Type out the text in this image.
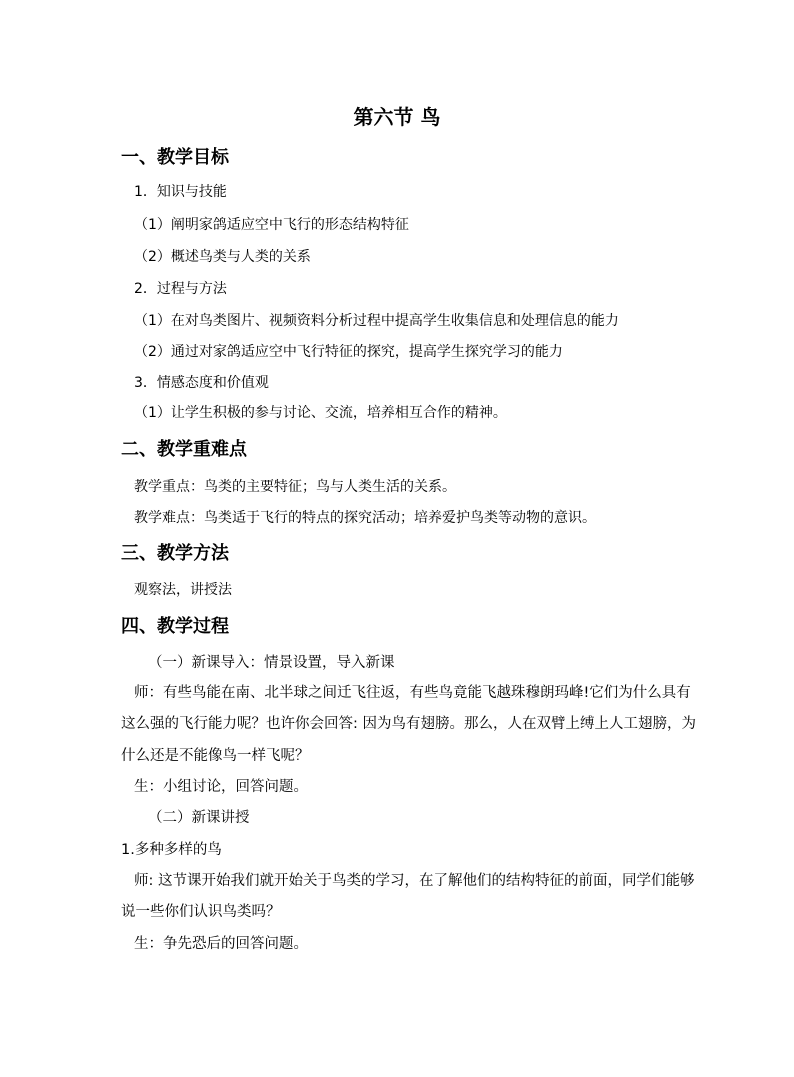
第六节 鸟
一、教学目标
1．知识与技能
（1）阐明家鸽适应空中飞行的形态结构特征
（2）概述鸟类与人类的关系
2．过程与方法
（1）在对鸟类图片、视频资料分析过程中提高学生收集信息和处理信息的能力
（2）通过对家鸽适应空中飞行特征的探究，提高学生探究学习的能力
3．情感态度和价值观
（1）让学生积极的参与讨论、交流，培养相互合作的精神。
二、教学重难点
教学重点：鸟类的主要特征；鸟与人类生活的关系。
教学难点：鸟类适于飞行的特点的探究活动；培养爱护鸟类等动物的意识。
三、教学方法
观察法，讲授法
四、教学过程
（一）新课导入：情景设置，导入新课
师：有些鸟能在南、北半球之间迁飞往返，有些鸟竟能飞越珠穆朗玛峰!它们为什么具有
这么强的飞行能力呢？也许你会回答: 因为鸟有翅膀。那么，人在双臂上缚上人工翅膀，为
什么还是不能像鸟一样飞呢？
生：小组讨论，回答问题。
（二）新课讲授
1.多种多样的鸟
师: 这节课开始我们就开始关于鸟类的学习，在了解他们的结构特征的前面，同学们能够
说一些你们认识鸟类吗？
生：争先恐后的回答问题。
